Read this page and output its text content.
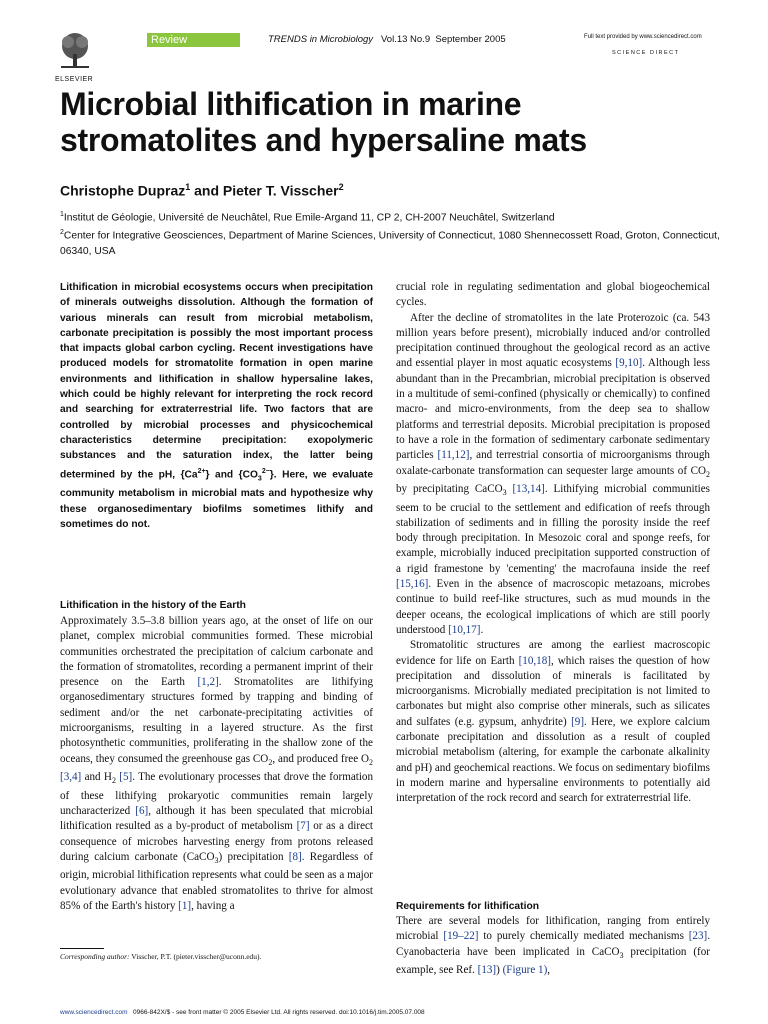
ELSEVIER
Review	TRENDS in Microbiology Vol.13 No.9 September 2005	Full text provided by www.sciencedirect.com
SCIENCE DIRECT
Microbial lithification in marine
stromatolites and hypersaline mats
Christophe Dupraz$^1$ and Pieter T. Visscher$^2$
$^1$Institut de Géologie, Université de Neuchâtel, Rue Emile-Argand 11, CP 2, CH-2007 Neuchâtel, Switzerland
$^2$Center for Integrative Geosciences, Department of Marine Sciences, University of Connecticut, 1080 Shennecossett Road, Groton, Connecticut, 06340, USA
Lithification in microbial ecosystems occurs when precipitation of minerals outweighs dissolution. Although the formation of various minerals can result from microbial metabolism, carbonate precipitation is possibly the most important process that impacts global carbon cycling. Recent investigations have produced models for stromatolite formation in open marine environments and lithification in shallow hypersaline lakes, which could be highly relevant for interpreting the rock record and searching for extraterrestrial life. Two factors that are controlled by microbial processes and physicochemical characteristics determine precipitation: exopolymeric substances and the saturation index, the latter being determined by the pH, $\{Ca^{2+}\}$ and $\{CO_3^{2-}\}$. Here, we evaluate community metabolism in microbial mats and hypothesize why these organosedimentary biofilms sometimes lithify and sometimes do not.
Lithification in the history of the Earth
Approximately 3.5–3.8 billion years ago, at the onset of life on our planet, complex microbial communities formed. These microbial communities orchestrated the precipitation of calcium carbonate and the formation of stromatolites, recording a permanent imprint of their presence on the Earth [1,2]. Stromatolites are lithifying organosedimentary structures formed by trapping and binding of sediment and/or the net carbonate-precipitating activities of microorganisms, resulting in a layered structure. As the first photosynthetic communities, proliferating in the shallow zone of the oceans, they consumed the greenhouse gas $CO_2$, and produced free $O_2$ [3,4] and $H_2$ [5]. The evolutionary processes that drove the formation of these lithifying prokaryotic communities remain largely uncharacterized [6], although it has been speculated that microbial lithification resulted as a by-product of metabolism [7] or as a direct consequence of microbes harvesting energy from protons released during calcium carbonate (CaCO$_3$) precipitation [8]. Regardless of origin, microbial lithification represents what could be seen as a major evolutionary advance that enabled stromatolites to thrive for almost 85% of the Earth's history [1], having a
crucial role in regulating sedimentation and global biogeochemical cycles.
After the decline of stromatolites in the late Proterozoic (ca. 543 million years before present), microbially induced and/or controlled precipitation continued throughout the geological record as an active and essential player in most aquatic ecosystems [9,10]. Although less abundant than in the Precambrian, microbial precipitation is observed in a multitude of semi-confined (physically or chemically) to confined macro- and micro-environments, from the deep sea to shallow platforms and terrestrial deposits. Microbial precipitation is proposed to have a role in the formation of sedimentary carbonate sedimentary particles [11,12], and terrestrial consortia of microorganisms through oxalate-carbonate transformation can sequester large amounts of $CO_2$ by precipitating CaCO$_3$ [13,14]. Lithifying microbial communities seem to be crucial to the settlement and edification of reefs through stabilization of sediments and in filling the porosity inside the reef body through precipitation. In Mesozoic coral and sponge reefs, for example, microbially induced precipitation supported construction of a rigid framestone by 'cementing' the macrofauna inside the reef [15,16]. Even in the absence of macroscopic metazoans, microbes continue to build reef-like structures, such as mud mounds in the deeper oceans, the ecological implications of which are still poorly understood [10,17].
Stromatolitic structures are among the earliest macroscopic evidence for life on Earth [10,18], which raises the question of how precipitation and dissolution of minerals is facilitated by microorganisms. Microbially mediated precipitation is not limited to carbonates but might also comprise other minerals, such as silicates and sulfates (e.g. gypsum, anhydrite) [9]. Here, we explore calcium carbonate precipitation and dissolution as a result of coupled microbial metabolism (altering, for example the carbonate alkalinity and pH) and geochemical reactions. We focus on sedimentary biofilms in modern marine and hypersaline environments to potentially aid interpretation of the rock record and search for extraterrestrial life.
Requirements for lithification
There are several models for lithification, ranging from entirely microbial [19–22] to purely chemically mediated mechanisms [23]. Cyanobacteria have been implicated in CaCO$_3$ precipitation (for example, see Ref. [13]) (Figure 1),
Corresponding author: Visscher, P.T. (pieter.visscher@uconn.edu).
www.sciencedirect.com   0966-842X/$ - see front matter © 2005 Elsevier Ltd. All rights reserved. doi:10.1016/j.tim.2005.07.008
